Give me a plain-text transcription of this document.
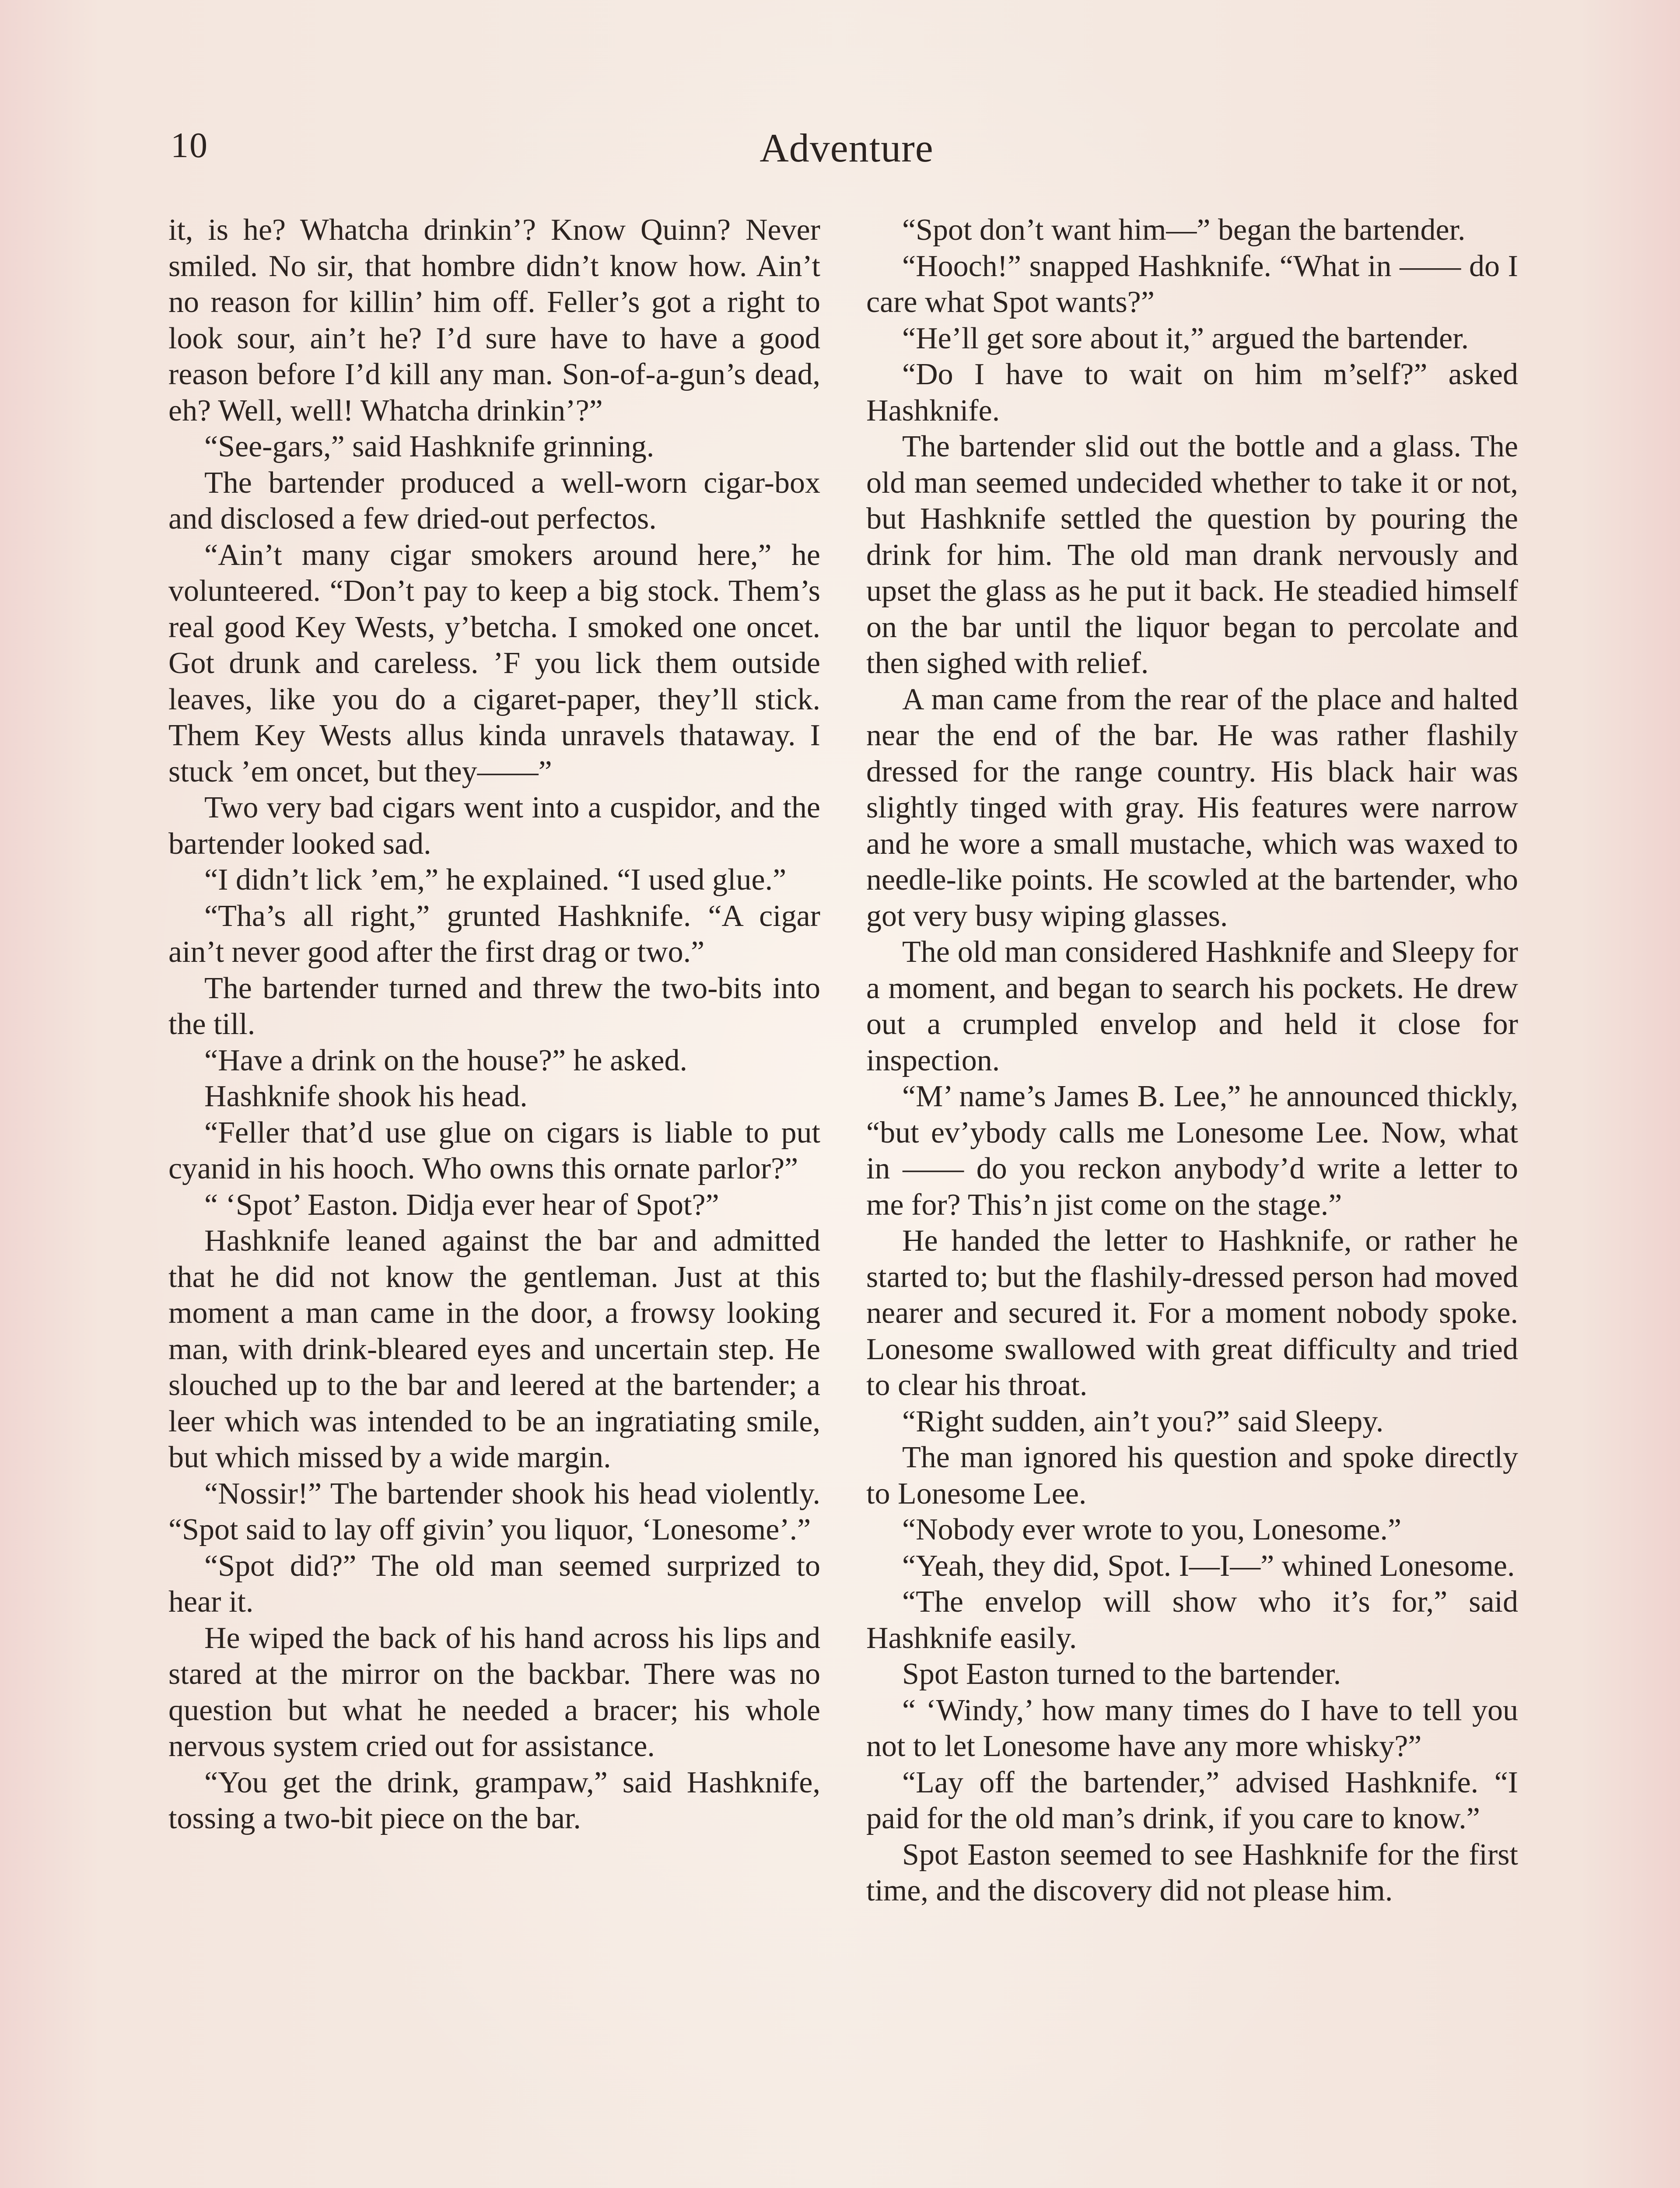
10	Adventure

it, is he? Whatcha drinkin’? Know Quinn? Never smiled. No sir, that hombre didn’t know how. Ain’t no reason for killin’ him off. Feller’s got a right to look sour, ain’t he? I’d sure have to have a good reason before I’d kill any man. Son-of-a-gun’s dead, eh? Well, well! Whatcha drinkin’?”

“See-gars,” said Hashknife grinning.

The bartender produced a well-worn cigar-box and disclosed a few dried-out perfectos.

“Ain’t many cigar smokers around here,” he volunteered. “Don’t pay to keep a big stock. Them’s real good Key Wests, y’betcha. I smoked one oncet. Got drunk and careless. ’F you lick them outside leaves, like you do a cigaret-paper, they’ll stick. Them Key Wests allus kinda unravels thataway. I stuck ’em oncet, but they——”

Two very bad cigars went into a cuspidor, and the bartender looked sad.

“I didn’t lick ’em,” he explained. “I used glue.”

“Tha’s all right,” grunted Hashknife. “A cigar ain’t never good after the first drag or two.”

The bartender turned and threw the two-bits into the till.

“Have a drink on the house?” he asked.

Hashknife shook his head.

“Feller that’d use glue on cigars is liable to put cyanid in his hooch. Who owns this ornate parlor?”

“ ‘Spot’ Easton. Didja ever hear of Spot?”

Hashknife leaned against the bar and admitted that he did not know the gentleman. Just at this moment a man came in the door, a frowsy looking man, with drink-bleared eyes and uncertain step. He slouched up to the bar and leered at the bartender; a leer which was intended to be an ingratiating smile, but which missed by a wide margin.

“Nossir!” The bartender shook his head violently. “Spot said to lay off givin’ you liquor, ‘Lonesome’.”

“Spot did?” The old man seemed surprized to hear it.

He wiped the back of his hand across his lips and stared at the mirror on the backbar. There was no question but what he needed a bracer; his whole nervous system cried out for assistance.

“You get the drink, grampaw,” said Hashknife, tossing a two-bit piece on the bar.

“Spot don’t want him—” began the bartender.

“Hooch!” snapped Hashknife. “What in —— do I care what Spot wants?”

“He’ll get sore about it,” argued the bartender.

“Do I have to wait on him m’self?” asked Hashknife.

The bartender slid out the bottle and a glass. The old man seemed undecided whether to take it or not, but Hashknife settled the question by pouring the drink for him. The old man drank nervously and upset the glass as he put it back. He steadied himself on the bar until the liquor began to percolate and then sighed with relief.

A man came from the rear of the place and halted near the end of the bar. He was rather flashily dressed for the range country. His black hair was slightly tinged with gray. His features were narrow and he wore a small mustache, which was waxed to needle-like points. He scowled at the bartender, who got very busy wiping glasses.

The old man considered Hashknife and Sleepy for a moment, and began to search his pockets. He drew out a crumpled envelop and held it close for inspection.

“M’ name’s James B. Lee,” he announced thickly, “but ev’ybody calls me Lonesome Lee. Now, what in —— do you reckon anybody’d write a letter to me for? This’n jist come on the stage.”

He handed the letter to Hashknife, or rather he started to; but the flashily-dressed person had moved nearer and secured it. For a moment nobody spoke. Lonesome swallowed with great difficulty and tried to clear his throat.

“Right sudden, ain’t you?” said Sleepy.

The man ignored his question and spoke directly to Lonesome Lee.

“Nobody ever wrote to you, Lonesome.”

“Yeah, they did, Spot. I—I—” whined Lonesome.

“The envelop will show who it’s for,” said Hashknife easily.

Spot Easton turned to the bartender.

“ ‘Windy,’ how many times do I have to tell you not to let Lonesome have any more whisky?”

“Lay off the bartender,” advised Hashknife. “I paid for the old man’s drink, if you care to know.”

Spot Easton seemed to see Hashknife for the first time, and the discovery did not please him.
